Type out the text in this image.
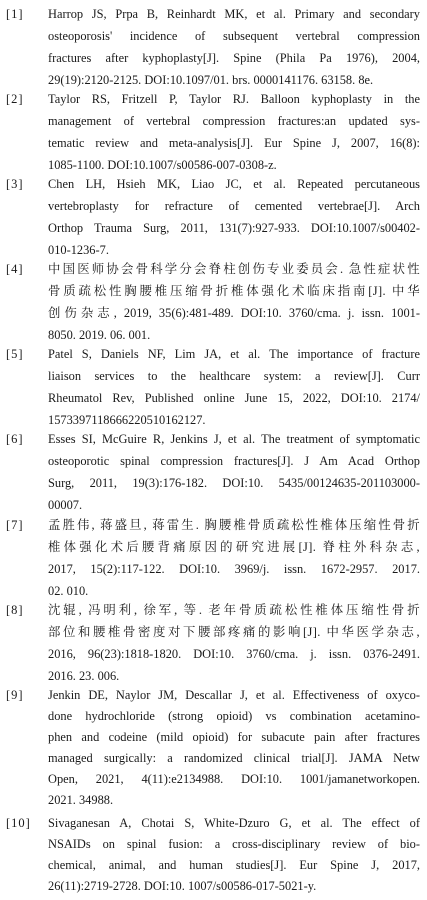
[1] Harrop JS, Prpa B, Reinhardt MK, et al. Primary and secondary
osteoporosis' incidence of subsequent vertebral compression
fractures after kyphoplasty[J]. Spine (Phila Pa 1976), 2004,
29(19):2120-2125. DOI:10.1097/01. brs. 0000141176. 63158. 8e.
[2] Taylor RS, Fritzell P, Taylor RJ. Balloon kyphoplasty in the
management of vertebral compression fractures:an updated sys-
tematic review and meta-analysis[J]. Eur Spine J, 2007, 16(8):
1085-1100. DOI:10.1007/s00586-007-0308-z.
[3] Chen LH, Hsieh MK, Liao JC, et al. Repeated percutaneous
vertebroplasty for refracture of cemented vertebrae[J]. Arch
Orthop Trauma Surg, 2011, 131(7):927-933. DOI:10.1007/s00402-
010-1236-7.
[4] 中国医师协会骨科学分会脊柱创伤专业委员会. 急性症状性
骨质疏松性胸腰椎压缩骨折椎体强化术临床指南[J]. 中华
创伤杂志, 2019, 35(6):481-489. DOI:10. 3760/cma. j. issn. 1001-
8050. 2019. 06. 001.
[5] Patel S, Daniels NF, Lim JA, et al. The importance of fracture
liaison services to the healthcare system: a review[J]. Curr
Rheumatol Rev, Published online June 15, 2022, DOI:10. 2174/
1573397118666220510162127.
[6] Esses SI, McGuire R, Jenkins J, et al. The treatment of symptomatic
osteoporotic spinal compression fractures[J]. J Am Acad Orthop
Surg, 2011, 19(3):176-182. DOI:10. 5435/00124635-201103000-
00007.
[7] 孟胜伟, 蒋盛旦, 蒋雷生. 胸腰椎骨质疏松性椎体压缩性骨折
椎体强化术后腰背痛原因的研究进展[J]. 脊柱外科杂志,
2017, 15(2):117-122. DOI:10. 3969/j. issn. 1672-2957. 2017.
02. 010.
[8] 沈辊, 冯明利, 徐军, 等. 老年骨质疏松性椎体压缩性骨折
部位和腰椎骨密度对下腰部疼痛的影响[J]. 中华医学杂志,
2016, 96(23):1818-1820. DOI:10. 3760/cma. j. issn. 0376-2491.
2016. 23. 006.
[9] Jenkin DE, Naylor JM, Descallar J, et al. Effectiveness of oxyco-
done hydrochloride (strong opioid) vs combination acetamino-
phen and codeine (mild opioid) for subacute pain after fractures
managed surgically: a randomized clinical trial[J]. JAMA Netw
Open, 2021, 4(11):e2134988. DOI:10. 1001/jamanetworkopen.
2021. 34988.
[10] Sivaganesan A, Chotai S, White-Dzuro G, et al. The effect of
NSAIDs on spinal fusion: a cross-disciplinary review of bio-
chemical, animal, and human studies[J]. Eur Spine J, 2017,
26(11):2719-2728. DOI:10. 1007/s00586-017-5021-y.
